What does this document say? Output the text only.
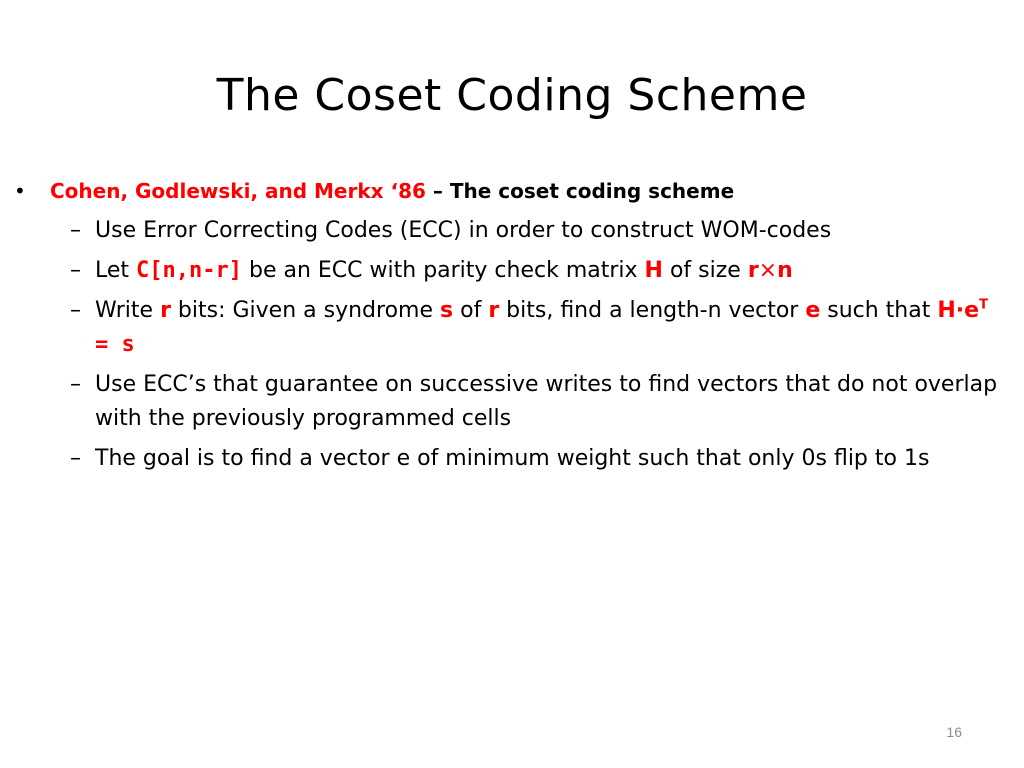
The Coset Coding Scheme
• Cohen, Godlewski, and Merkx ‘86 – The coset coding scheme
– Use Error Correcting Codes (ECC) in order to construct WOM-codes
– Let C[n,n-r] be an ECC with parity check matrix H of size r×n
– Write r bits: Given a syndrome s of r bits, find a length-n vector e such that $H\cdot e^T = s$
– Use ECC’s that guarantee on successive writes to find vectors that do not overlap with the previously programmed cells
– The goal is to find a vector e of minimum weight such that only 0s flip to 1s
16
